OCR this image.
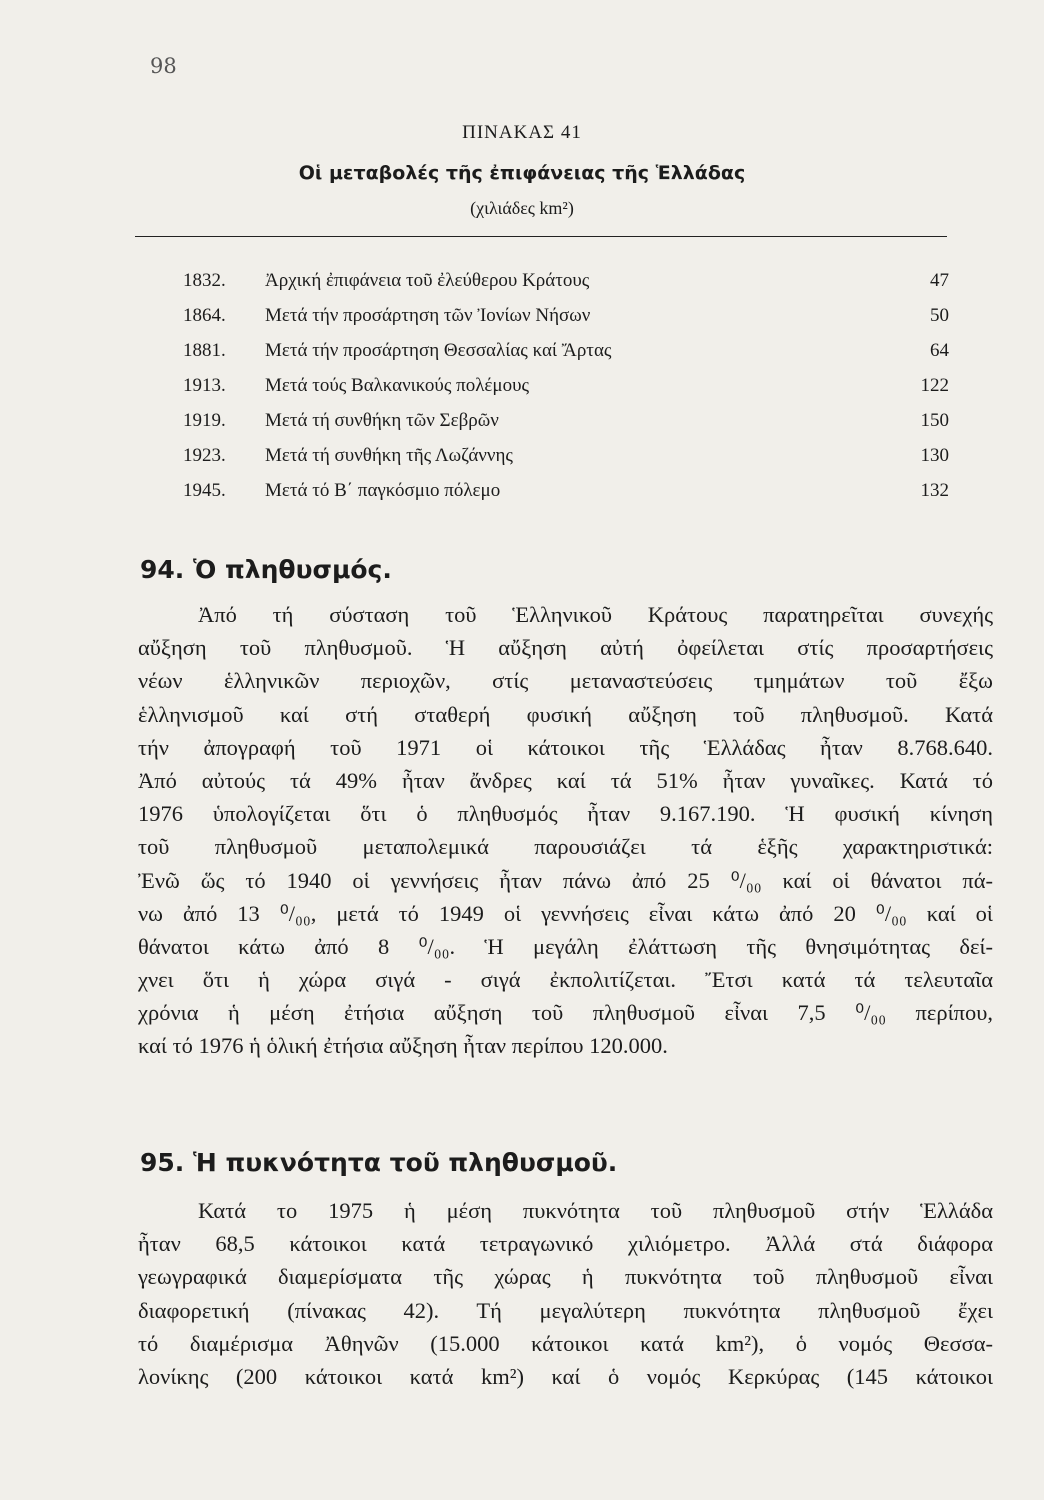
98
ΠΙΝΑΚΑΣ 41
Οἱ μεταβολές τῆς ἐπιφάνειας τῆς Ἑλλάδας
(χιλιάδες km²)
1832. Ἀρχική ἐπιφάνεια τοῦ ἐλεύθερου Κράτους	47
1864. Μετά τήν προσάρτηση τῶν Ἰονίων Νήσων	50
1881. Μετά τήν προσάρτηση Θεσσαλίας καί Ἄρτας	64
1913. Μετά τούς Βαλκανικούς πολέμους	122
1919. Μετά τή συνθήκη τῶν Σεβρῶν	150
1923. Μετά τή συνθήκη τῆς Λωζάννης	130
1945. Μετά τό Β΄ παγκόσμιο πόλεμο	132
94. Ὁ πληθυσμός.
Ἀπό τή σύσταση τοῦ Ἑλληνικοῦ Κράτους παρατηρεῖται συνεχής
αὔξηση τοῦ πληθυσμοῦ. Ἡ αὔξηση αὐτή ὀφείλεται στίς προσαρτήσεις
νέων ἑλληνικῶν περιοχῶν, στίς μεταναστεύσεις τμημάτων τοῦ ἔξω
ἑλληνισμοῦ καί στή σταθερή φυσική αὔξηση τοῦ πληθυσμοῦ. Κατά
τήν ἀπογραφή τοῦ 1971 οἱ κάτοικοι τῆς Ἑλλάδας ἦταν 8.768.640.
Ἀπό αὐτούς τά 49% ἦταν ἄνδρες καί τά 51% ἦταν γυναῖκες. Κατά τό
1976 ὑπολογίζεται ὅτι ὁ πληθυσμός ἦταν 9.167.190. Ἡ φυσική κίνηση
τοῦ πληθυσμοῦ μεταπολεμικά παρουσιάζει τά ἑξῆς χαρακτηριστικά:
Ἐνῶ ὥς τό 1940 οἱ γεννήσεις ἦταν πάνω ἀπό 25 ⁰/₀₀ καί οἱ θάνατοι πά-
νω ἀπό 13 ⁰/₀₀, μετά τό 1949 οἱ γεννήσεις εἶναι κάτω ἀπό 20 ⁰/₀₀ καί οἱ
θάνατοι κάτω ἀπό 8 ⁰/₀₀. Ἡ μεγάλη ἐλάττωση τῆς θνησιμότητας δεί-
χνει ὅτι ἡ χώρα σιγά - σιγά ἐκπολιτίζεται. Ἔτσι κατά τά τελευταῖα
χρόνια ἡ μέση ἐτήσια αὔξηση τοῦ πληθυσμοῦ εἶναι 7,5 ⁰/₀₀ περίπου,
καί τό 1976 ἡ ὁλική ἐτήσια αὔξηση ἦταν περίπου 120.000.
95. Ἡ πυκνότητα τοῦ πληθυσμοῦ.
Κατά το 1975 ἡ μέση πυκνότητα τοῦ πληθυσμοῦ στήν Ἑλλάδα
ἦταν 68,5 κάτοικοι κατά τετραγωνικό χιλιόμετρο. Ἀλλά στά διάφορα
γεωγραφικά διαμερίσματα τῆς χώρας ἡ πυκνότητα τοῦ πληθυσμοῦ εἶναι
διαφορετική (πίνακας 42). Τή μεγαλύτερη πυκνότητα πληθυσμοῦ ἔχει
τό διαμέρισμα Ἀθηνῶν (15.000 κάτοικοι κατά km²), ὁ νομός Θεσσα-
λονίκης (200 κάτοικοι κατά km²) καί ὁ νομός Κερκύρας (145 κάτοικοι
